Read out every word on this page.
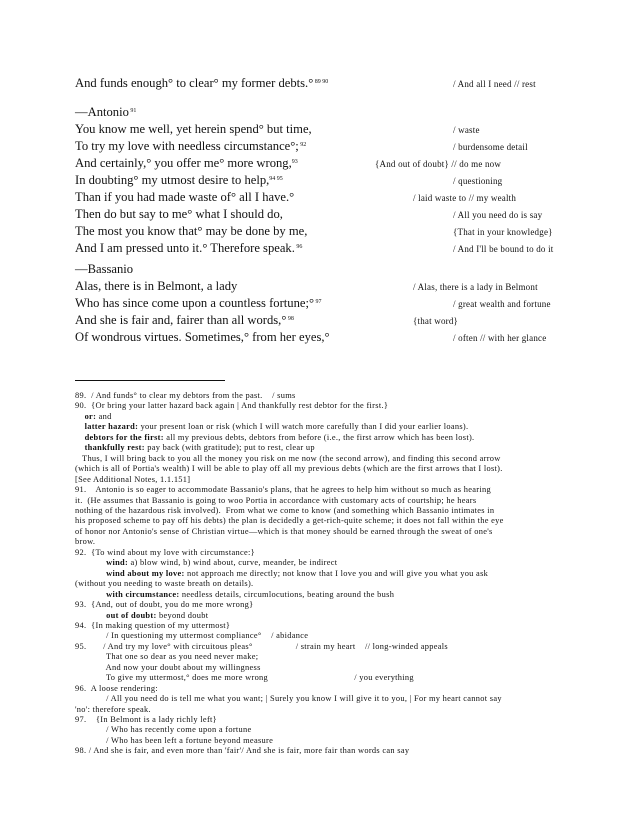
And funds enough° to clear° my former debts.° $^{89 90}$	/ And all I need // rest
—Antonio $^{91}$
You know me well, yet herein spend° but time,	/ waste
To try my love with needless circumstance°; $^{92}$	/ burdensome detail
And certainly,° you offer me° more wrong,$^{93}$	{And out of doubt} // do me now
In doubting° my utmost desire to help,$^{94 95}$	/ questioning
Than if you had made waste of° all I have.°	/ laid waste to // my wealth
Then do but say to me° what I should do,	/ All you need do is say
The most you know that° may be done by me,	{That in your knowledge}
And I am pressed unto it.° Therefore speak. $^{96}$	/ And I'll be bound to do it
—Bassanio
Alas, there is in Belmont, a lady	/ Alas, there is a lady in Belmont
Who has since come upon a countless fortune;° $^{97}$	/ great wealth and fortune
And she is fair and, fairer than all words,° $^{98}$	{that word}
Of wondrous virtues. Sometimes,° from her eyes,°	/ often // with her glance
89.  / And funds° to clear my debtors from the past.    / sums
90.  {Or bring your latter hazard back again | And thankfully rest debtor for the first.}
or: and
latter hazard: your present loan or risk (which I will watch more carefully than I did your earlier loans).
debtors for the first: all my previous debts, debtors from before (i.e., the first arrow which has been lost).
thankfully rest: pay back (with gratitude); put to rest, clear up
Thus, I will bring back to you all the money you risk on me now (the second arrow), and finding this second arrow
(which is all of Portia's wealth) I will be able to play off all my previous debts (which are the first arrows that I lost).
[See Additional Notes, 1.1.151]
91.    Antonio is so eager to accommodate Bassanio's plans, that he agrees to help him without so much as hearing
it.  (He assumes that Bassanio is going to woo Portia in accordance with customary acts of courtship; he hears
nothing of the hazardous risk involved).  From what we come to know (and something which Bassanio intimates in
his proposed scheme to pay off his debts) the plan is decidedly a get-rich-quite scheme; it does not fall within the eye
of honor nor Antonio's sense of Christian virtue—which is that money should be earned through the sweat of one's
brow.
92.  {To wind about my love with circumstance:}
wind: a) blow wind, b) wind about, curve, meander, be indirect
wind about my love: not approach me directly; not know that I love you and will give you what you ask
(without you needing to waste breath on details).
with circumstance: needless details, circumlocutions, beating around the bush
93.  {And, out of doubt, you do me more wrong}
out of doubt: beyond doubt
94.  {In making question of my uttermost}
/ In questioning my uttermost compliance°    / abidance
95.       / And try my love° with circuitous pleas°                  / strain my heart    // long-winded appeals
That one so dear as you need never make;
And now your doubt about my willingness
To give my uttermost,° does me more wrong                                    / you everything
96.  A loose rendering:
/ All you need do is tell me what you want; | Surely you know I will give it to you, | For my heart cannot say
'no': therefore speak.
97.    {In Belmont is a lady richly left}
/ Who has recently come upon a fortune
/ Who has been left a fortune beyond measure
98. / And she is fair, and even more than 'fair'/ And she is fair, more fair than words can say
